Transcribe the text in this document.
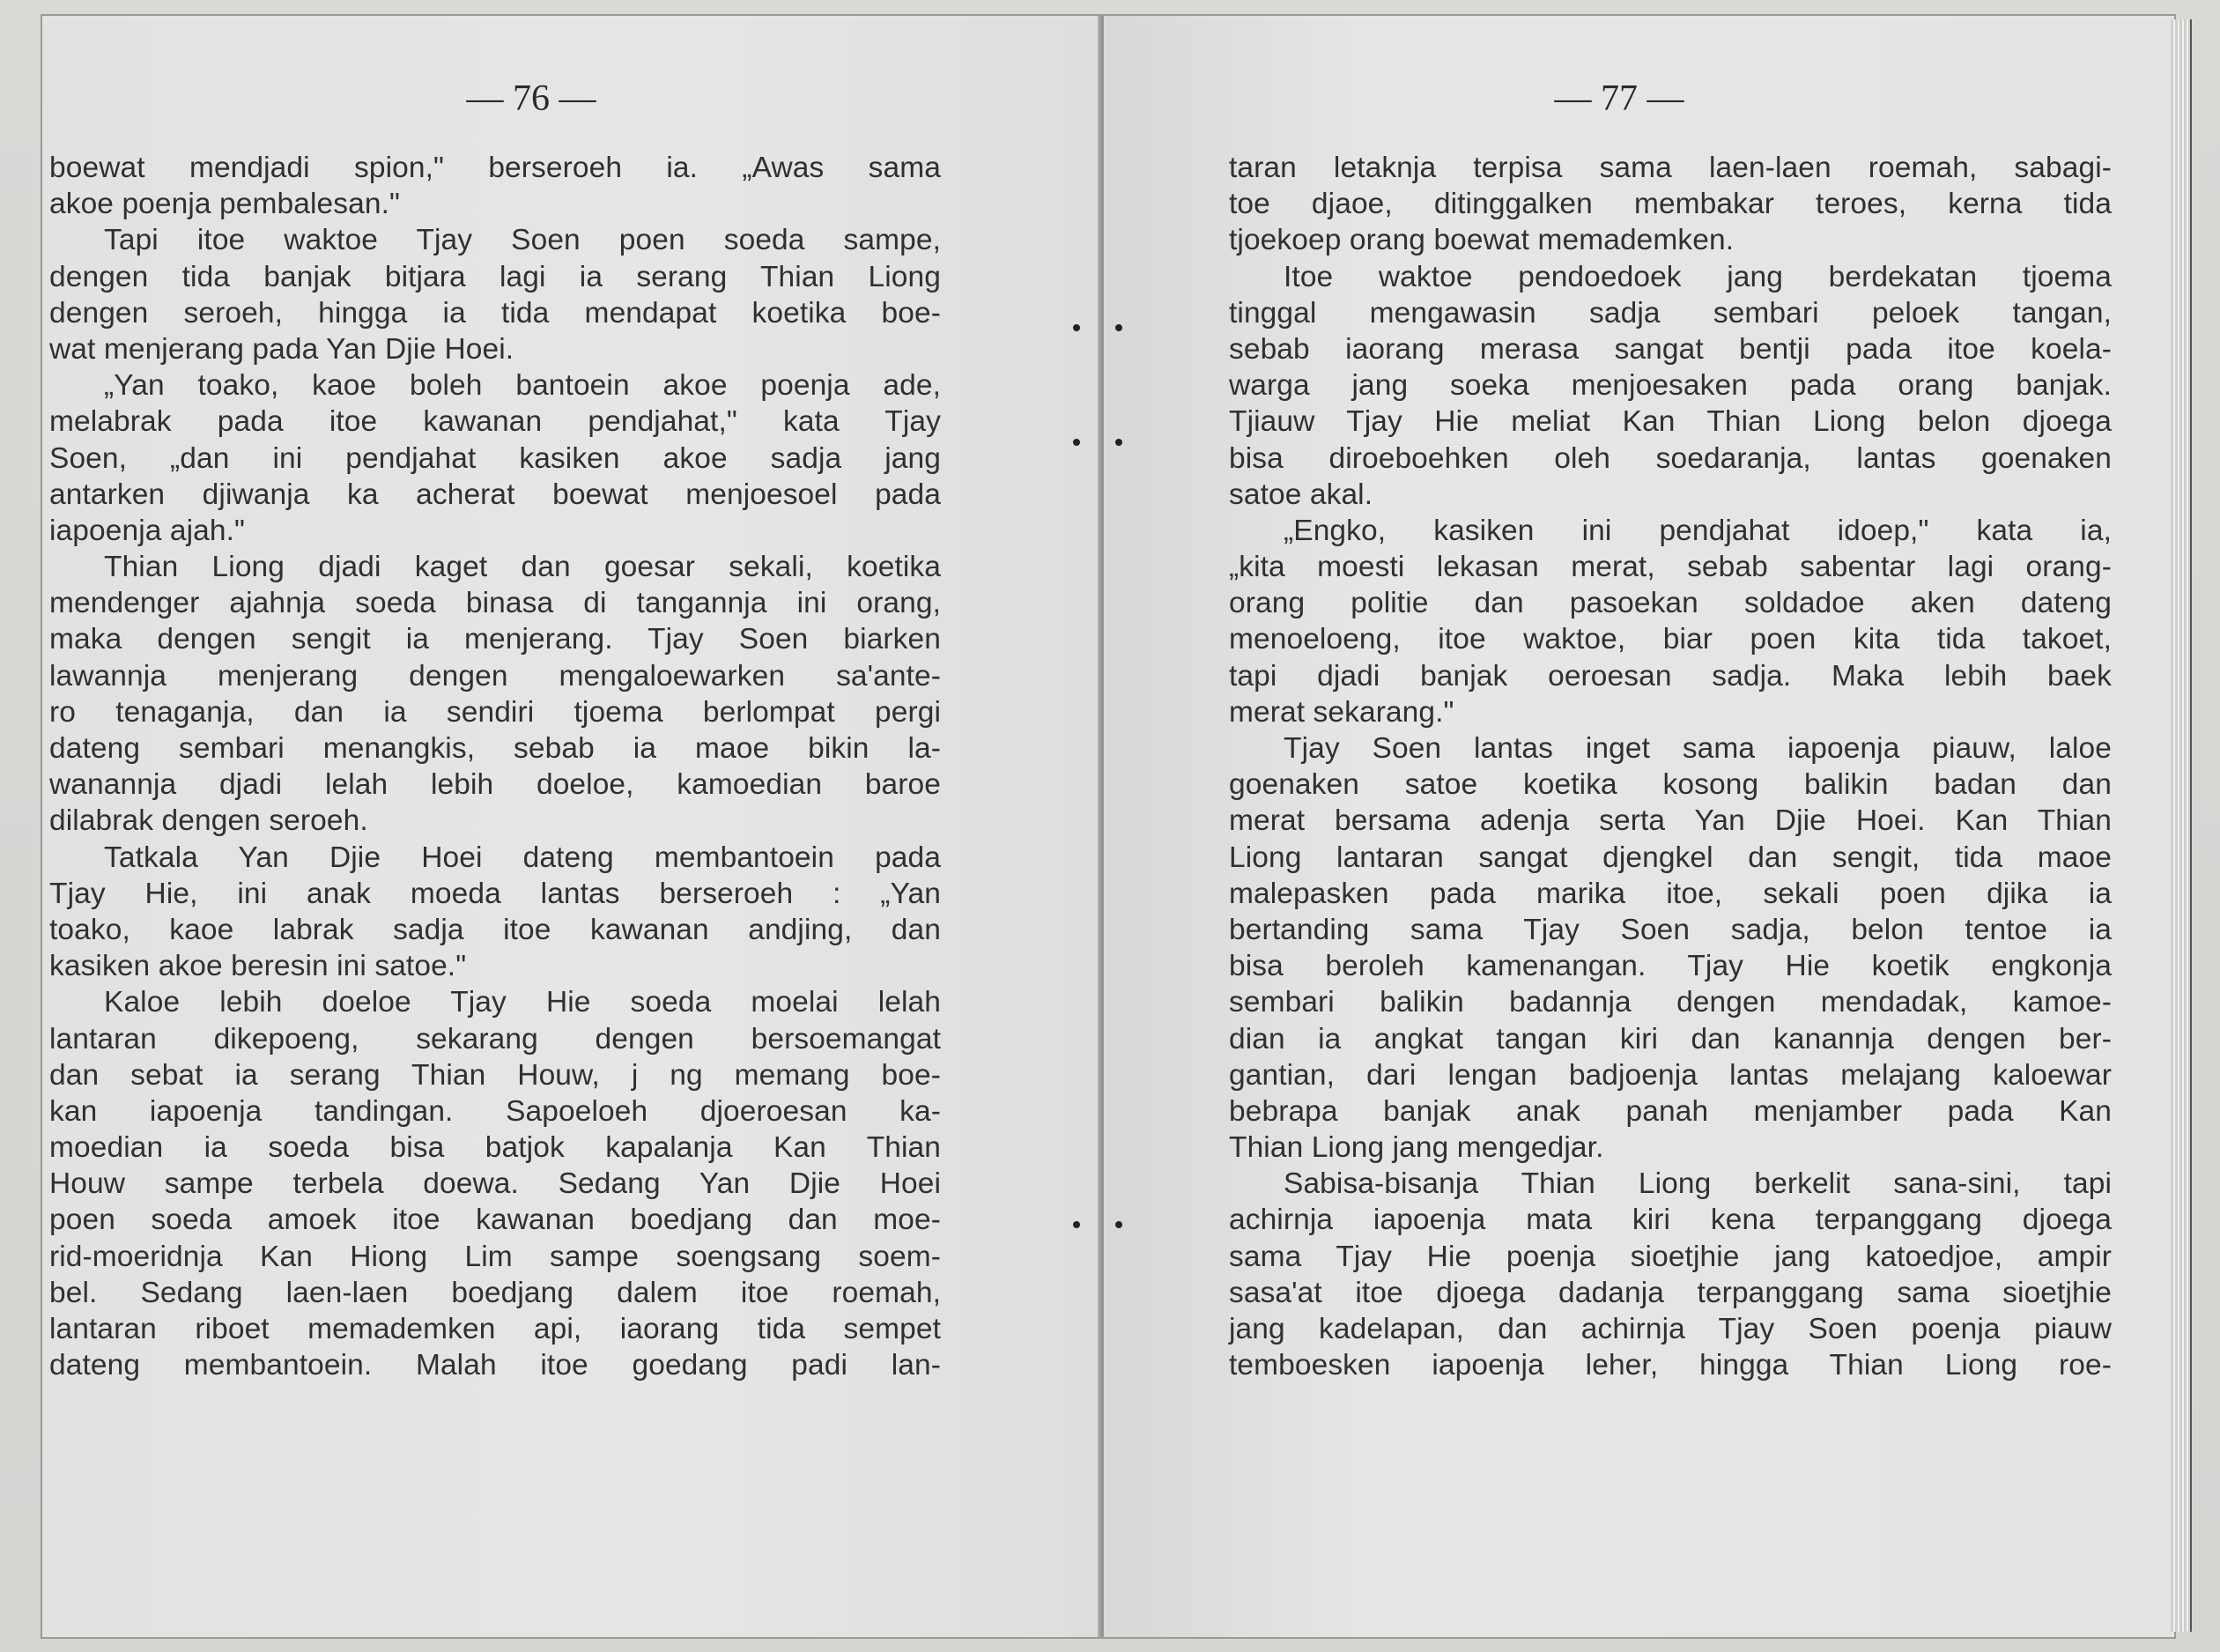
— 76 —
boewat mendjadi spion," berseroeh ia. „Awas sama
akoe poenja pembalesan."
Tapi itoe waktoe Tjay Soen poen soeda sampe,
dengen tida banjak bitjara lagi ia serang Thian Liong
dengen seroeh, hingga ia tida mendapat koetika boe-
wat menjerang pada Yan Djie Hoei.
„Yan toako, kaoe boleh bantoein akoe poenja ade,
melabrak pada itoe kawanan pendjahat," kata Tjay
Soen, „dan ini pendjahat kasiken akoe sadja jang
antarken djiwanja ka acherat boewat menjoesoel pada
iapoenja ajah."
Thian Liong djadi kaget dan goesar sekali, koetika
mendenger ajahnja soeda binasa di tangannja ini orang,
maka dengen sengit ia menjerang. Tjay Soen biarken
lawannja menjerang dengen mengaloewarken sa'ante-
ro tenaganja, dan ia sendiri tjoema berlompat pergi
dateng sembari menangkis, sebab ia maoe bikin la-
wanannja djadi lelah lebih doeloe, kamoedian baroe
dilabrak dengen seroeh.
Tatkala Yan Djie Hoei dateng membantoein pada
Tjay Hie, ini anak moeda lantas berseroeh : „Yan
toako, kaoe labrak sadja itoe kawanan andjing, dan
kasiken akoe beresin ini satoe."
Kaloe lebih doeloe Tjay Hie soeda moelai lelah
lantaran dikepoeng, sekarang dengen bersoemangat
dan sebat ia serang Thian Houw, j ng memang boe-
kan iapoenja tandingan. Sapoeloeh djoeroesan ka-
moedian ia soeda bisa batjok kapalanja Kan Thian
Houw sampe terbela doewa. Sedang Yan Djie Hoei
poen soeda amoek itoe kawanan boedjang dan moe-
rid-moeridnja Kan Hiong Lim sampe soengsang soem-
bel. Sedang laen-laen boedjang dalem itoe roemah,
lantaran riboet memademken api, iaorang tida sempet
dateng membantoein. Malah itoe goedang padi lan-
— 77 —
taran letaknja terpisa sama laen-laen roemah, sabagi-
toe djaoe, ditinggalken membakar teroes, kerna tida
tjoekoep orang boewat memademken.
Itoe waktoe pendoedoek jang berdekatan tjoema
tinggal mengawasin sadja sembari peloek tangan,
sebab iaorang merasa sangat bentji pada itoe koela-
warga jang soeka menjoesaken pada orang banjak.
Tjiauw Tjay Hie meliat Kan Thian Liong belon djoega
bisa diroeboehken oleh soedaranja, lantas goenaken
satoe akal.
„Engko, kasiken ini pendjahat idoep," kata ia,
„kita moesti lekasan merat, sebab sabentar lagi orang-
orang politie dan pasoekan soldadoe aken dateng
menoeloeng, itoe waktoe, biar poen kita tida takoet,
tapi djadi banjak oeroesan sadja. Maka lebih baek
merat sekarang."
Tjay Soen lantas inget sama iapoenja piauw, laloe
goenaken satoe koetika kosong balikin badan dan
merat bersama adenja serta Yan Djie Hoei. Kan Thian
Liong lantaran sangat djengkel dan sengit, tida maoe
malepasken pada marika itoe, sekali poen djika ia
bertanding sama Tjay Soen sadja, belon tentoe ia
bisa beroleh kamenangan. Tjay Hie koetik engkonja
sembari balikin badannja dengen mendadak, kamoe-
dian ia angkat tangan kiri dan kanannja dengen ber-
gantian, dari lengan badjoenja lantas melajang kaloewar
bebrapa banjak anak panah menjamber pada Kan
Thian Liong jang mengedjar.
Sabisa-bisanja Thian Liong berkelit sana-sini, tapi
achirnja iapoenja mata kiri kena terpanggang djoega
sama Tjay Hie poenja sioetjhie jang katoedjoe, ampir
sasa'at itoe djoega dadanja terpanggang sama sioetjhie
jang kadelapan, dan achirnja Tjay Soen poenja piauw
temboesken iapoenja leher, hingga Thian Liong roe-
